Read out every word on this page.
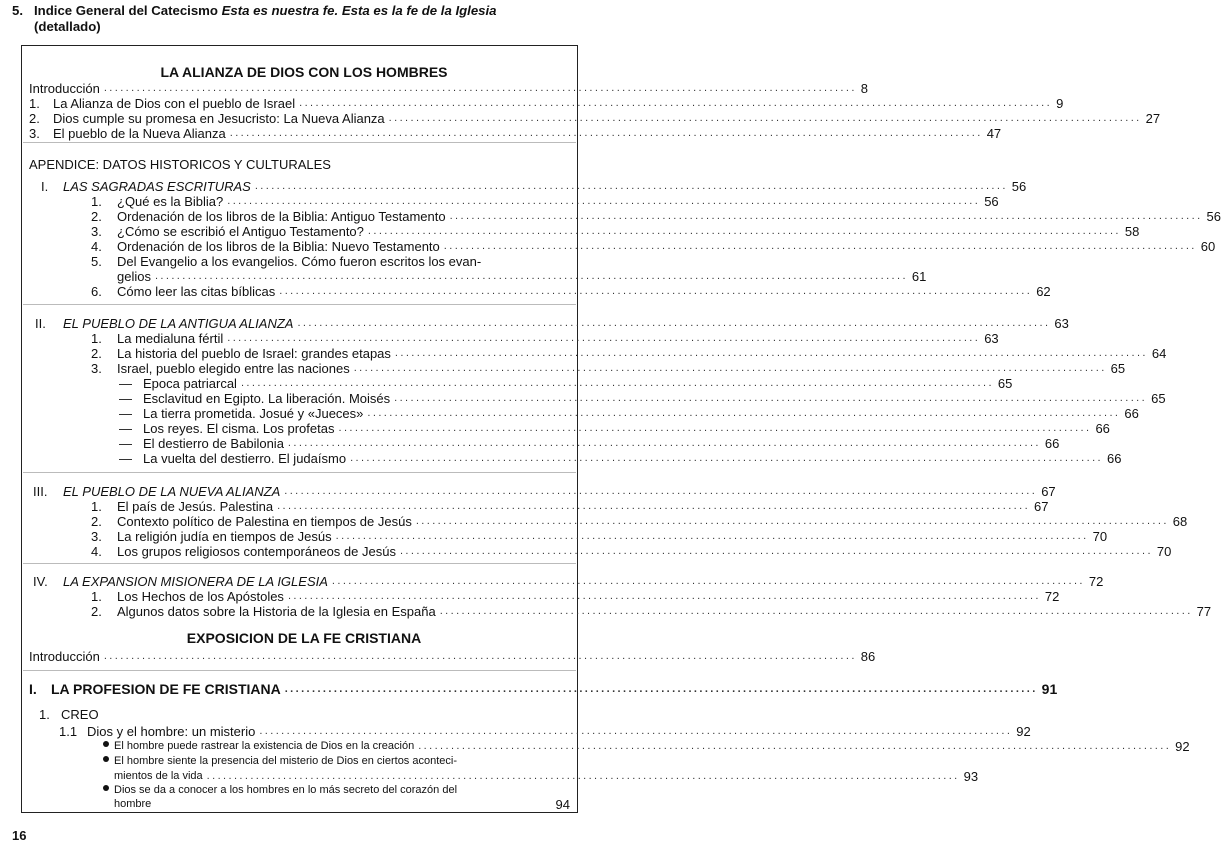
5. Indice General del Catecismo Esta es nuestra fe. Esta es la fe de la Iglesia
(detallado)
LA ALIANZA DE DIOS CON LOS HOMBRES
Introducción .......................................................................................................................................... 8
1. La Alianza de Dios con el pueblo de Israel .......................................................................................................................................... 9
2. Dios cumple su promesa en Jesucristo: La Nueva Alianza .......................................................................................................................................... 27
3. El pueblo de la Nueva Alianza .......................................................................................................................................... 47
APENDICE: DATOS HISTORICOS Y CULTURALES
I. LAS SAGRADAS ESCRITURAS .......................................................................................................................................... 56
1. ¿Qué es la Biblia? .......................................................................................................................................... 56
2. Ordenación de los libros de la Biblia: Antiguo Testamento .......................................................................................................................................... 56
3. ¿Cómo se escribió el Antiguo Testamento? .......................................................................................................................................... 58
4. Ordenación de los libros de la Biblia: Nuevo Testamento .......................................................................................................................................... 60
5. Del Evangelio a los evangelios. Cómo fueron escritos los evan-
gelios .......................................................................................................................................... 61
6. Cómo leer las citas bíblicas .......................................................................................................................................... 62
II. EL PUEBLO DE LA ANTIGUA ALIANZA .......................................................................................................................................... 63
1. La medialuna fértil .......................................................................................................................................... 63
2. La historia del pueblo de Israel: grandes etapas .......................................................................................................................................... 64
3. Israel, pueblo elegido entre las naciones .......................................................................................................................................... 65
— Epoca patriarcal .......................................................................................................................................... 65
— Esclavitud en Egipto. La liberación. Moisés .......................................................................................................................................... 65
— La tierra prometida. Josué y «Jueces» .......................................................................................................................................... 66
— Los reyes. El cisma. Los profetas .......................................................................................................................................... 66
— El destierro de Babilonia .......................................................................................................................................... 66
— La vuelta del destierro. El judaísmo .......................................................................................................................................... 66
III. EL PUEBLO DE LA NUEVA ALIANZA .......................................................................................................................................... 67
1. El país de Jesús. Palestina .......................................................................................................................................... 67
2. Contexto político de Palestina en tiempos de Jesús .......................................................................................................................................... 68
3. La religión judía en tiempos de Jesús .......................................................................................................................................... 70
4. Los grupos religiosos contemporáneos de Jesús .......................................................................................................................................... 70
IV. LA EXPANSION MISIONERA DE LA IGLESIA .......................................................................................................................................... 72
1. Los Hechos de los Apóstoles .......................................................................................................................................... 72
2. Algunos datos sobre la Historia de la Iglesia en España .......................................................................................................................................... 77
EXPOSICION DE LA FE CRISTIANA
Introducción .......................................................................................................................................... 86
I. LA PROFESION DE FE CRISTIANA .......................................................................................................................................... 91
1. CREO
1.1 Dios y el hombre: un misterio .......................................................................................................................................... 92
El hombre puede rastrear la existencia de Dios en la creación .......................................................................................................................................... 92
El hombre siente la presencia del misterio de Dios en ciertos aconteci-
mientos de la vida .......................................................................................................................................... 93
Dios se da a conocer a los hombres en lo más secreto del corazón del
hombre	94
16
